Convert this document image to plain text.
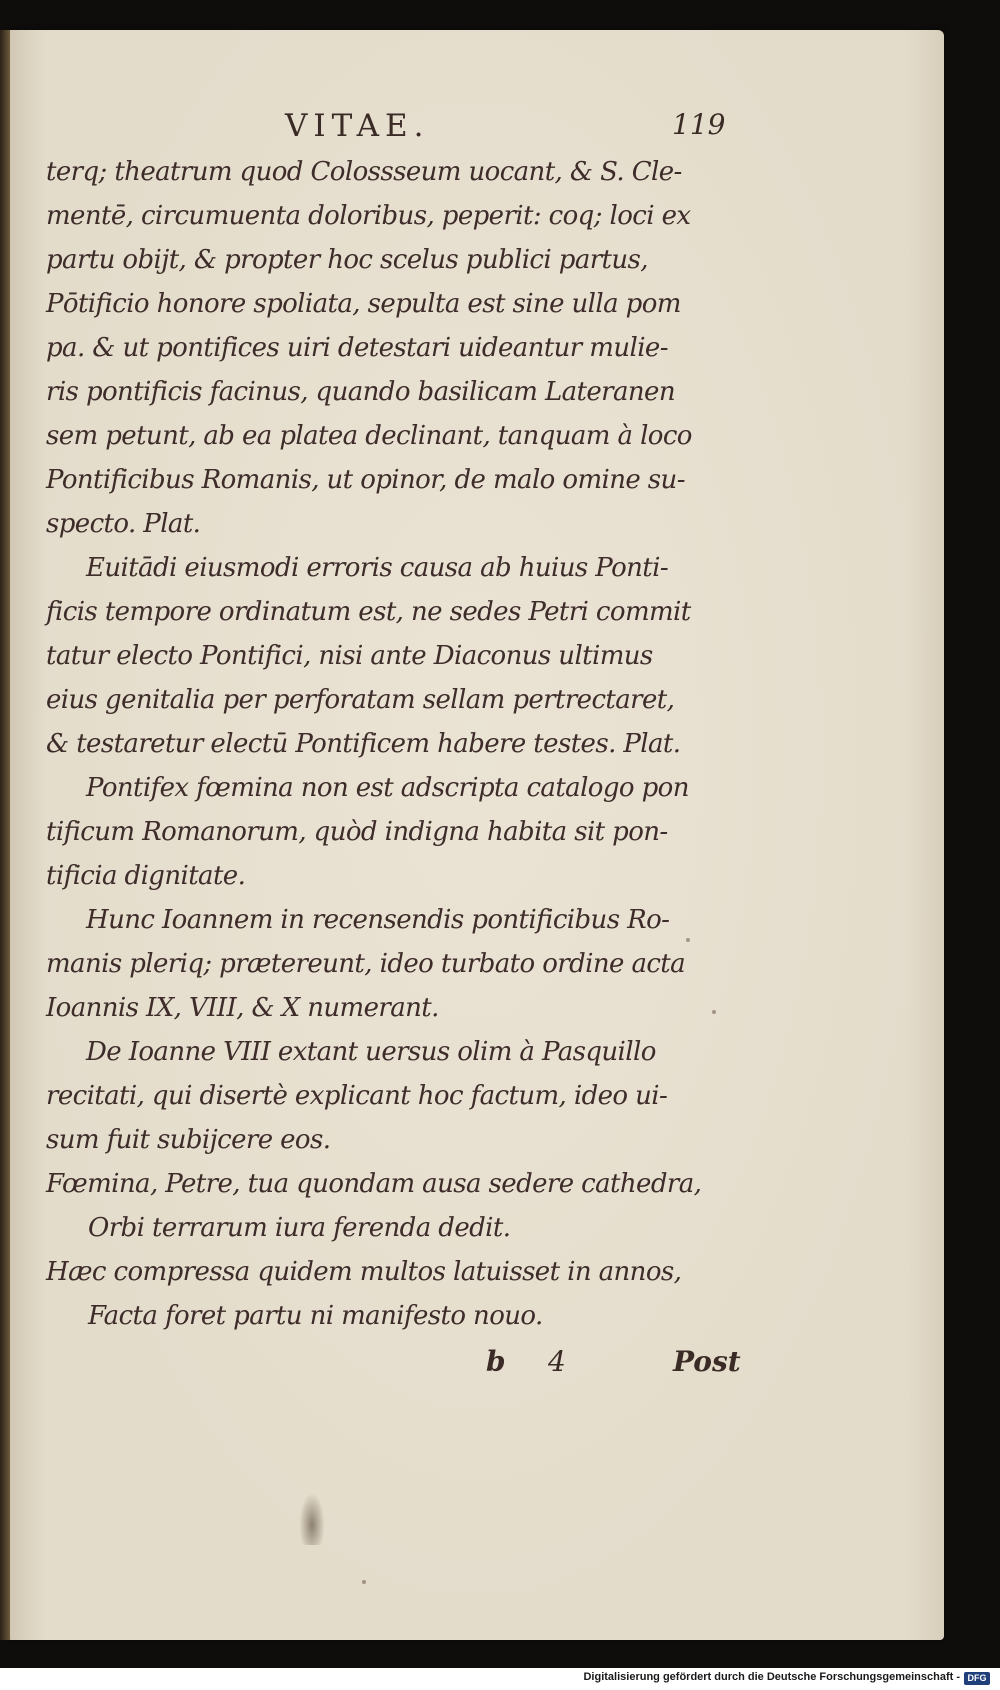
VITAE.	119
terq; theatrum quod Colossseum uocant, & S. Cle-
mentē, circumuenta doloribus, peperit: coq; loci ex
partu obijt, & propter hoc scelus publici partus,
Pōtificio honore spoliata, sepulta est sine ulla pom
pa. & ut pontifices uiri detestari uideantur mulie-
ris pontificis facinus, quando basilicam Lateranen
sem petunt, ab ea platea declinant, tanquam à loco
Pontificibus Romanis, ut opinor, de malo omine su-
specto. Plat.
Euitādi eiusmodi erroris causa ab huius Ponti-
ficis tempore ordinatum est, ne sedes Petri commit
tatur electo Pontifici, nisi ante Diaconus ultimus
eius genitalia per perforatam sellam pertrectaret,
& testaretur electū Pontificem habere testes. Plat.
Pontifex fœmina non est adscripta catalogo pon
tificum Romanorum, quòd indigna habita sit pon-
tificia dignitate.
Hunc Ioannem in recensendis pontificibus Ro-
manis pleriq; prætereunt, ideo turbato ordine acta
Ioannis IX, VIII, & X numerant.
De Ioanne VIII extant uersus olim à Pasquillo
recitati, qui disertè explicant hoc factum, ideo ui-
sum fuit subijcere eos.
Fœmina, Petre, tua quondam ausa sedere cathedra,
Orbi terrarum iura ferenda dedit.
Hæc compressa quidem multos latuisset in annos,
Facta foret partu ni manifesto nouo.
b 4	Post
Digitalisierung gefördert durch die Deutsche Forschungsgemeinschaft - DFG
